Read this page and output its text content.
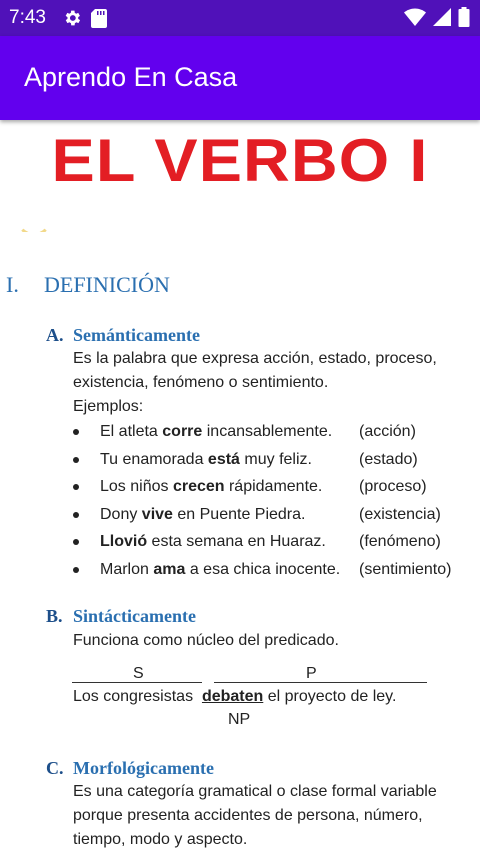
7:43
Aprendo En Casa
EL VERBO I
I. DEFINICIÓN
A. Semánticamente
Es la palabra que expresa acción, estado, proceso,
existencia, fenómeno o sentimiento.
Ejemplos:
El atleta corre incansablemente. (acción)
Tu enamorada está muy feliz.	(estado)
Los niños crecen rápidamente. (proceso)
Dony vive en Puente Piedra.	(existencia)
Llovió esta semana en Huaraz. (fenómeno)
Marlon ama a esa chica inocente. (sentimiento)
B. Sintácticamente
Funciona como núcleo del predicado.
S	P
Los congresistas debaten el proyecto de ley.
NP
C. Morfológicamente
Es una categoría gramatical o clase formal variable
porque presenta accidentes de persona, número,
tiempo, modo y aspecto.
